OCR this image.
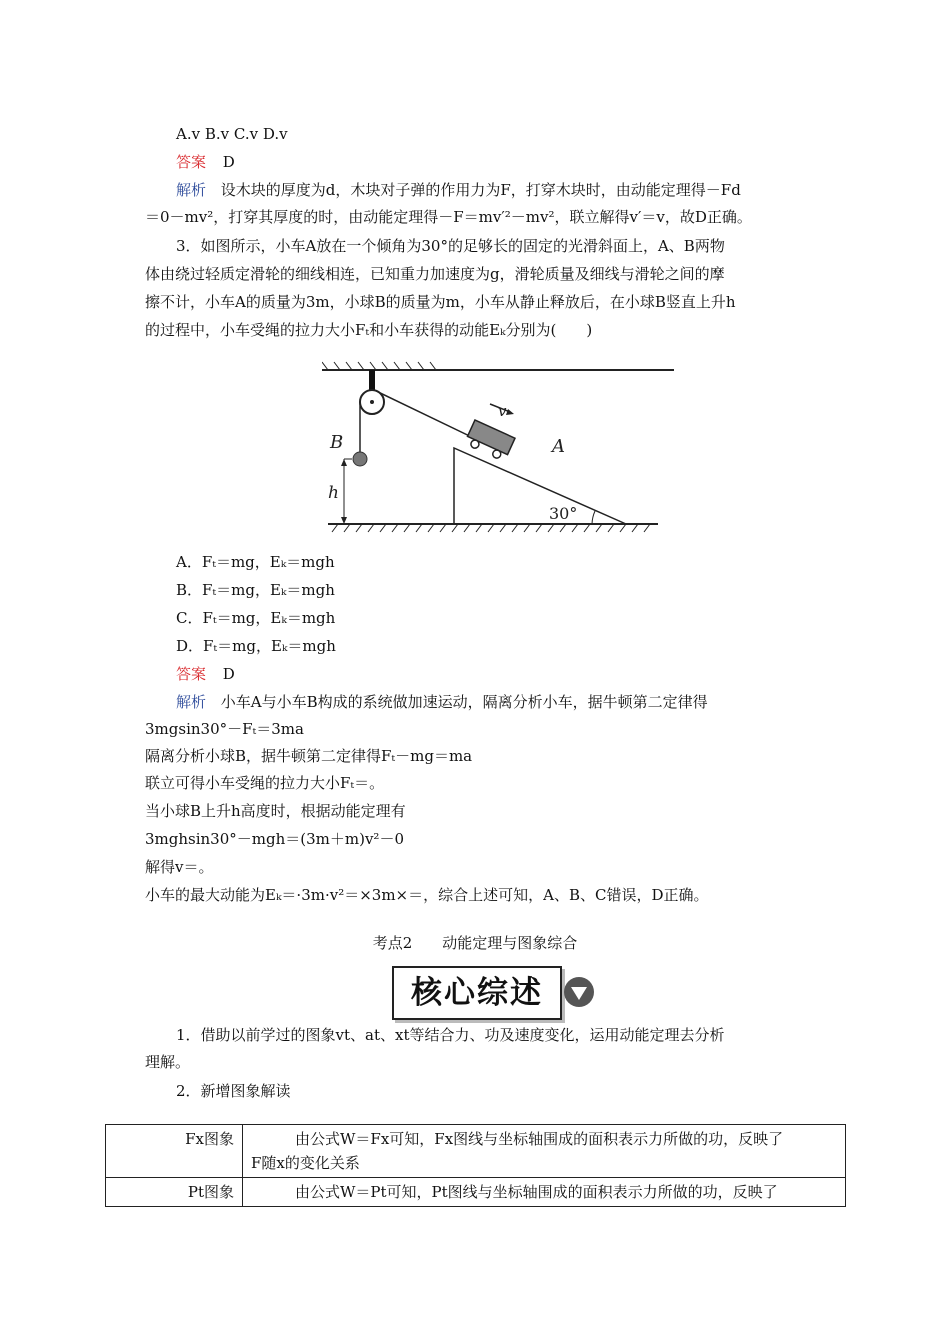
A.v B.v C.v D.v
答案 D
解析 设木块的厚度为d，木块对子弹的作用力为F，打穿木块时，由动能定理得－Fd
＝0－mv²，打穿其厚度的时，由动能定理得－F＝mv′²－mv²，联立解得v′＝v，故D正确。
3．如图所示，小车A放在一个倾角为30°的足够长的固定的光滑斜面上，A、B两物
体由绕过轻质定滑轮的细线相连，已知重力加速度为g，滑轮质量及细线与滑轮之间的摩
擦不计，小车A的质量为3m，小球B的质量为m，小车从静止释放后，在小球B竖直上升h
的过程中，小车受绳的拉力大小Fₜ和小车获得的动能Eₖ分别为(　　)
v
A
B
h
30°
A．Fₜ＝mg，Eₖ＝mgh
B．Fₜ＝mg，Eₖ＝mgh
C．Fₜ＝mg，Eₖ＝mgh
D．Fₜ＝mg，Eₖ＝mgh
答案 D
解析 小车A与小车B构成的系统做加速运动，隔离分析小车，据牛顿第二定律得
3mgsin30°－Fₜ＝3ma
隔离分析小球B，据牛顿第二定律得Fₜ－mg＝ma
联立可得小车受绳的拉力大小Fₜ＝。
当小球B上升h高度时，根据动能定理有
3mghsin30°－mgh＝(3m＋m)v²－0
解得v＝。
小车的最大动能为Eₖ＝·3m·v²＝×3m×＝，综合上述可知，A、B、C错误，D正确。
考点2　　动能定理与图象综合
核心综述
1．借助以前学过的图象vt、at、xt等结合力、功及速度变化，运用动能定理去分析
理解。
2．新增图象解读
Fx图象	由公式W＝Fx可知，Fx图线与坐标轴围成的面积表示力所做的功，反映了
F随x的变化关系

Pt图象	由公式W＝Pt可知，Pt图线与坐标轴围成的面积表示力所做的功，反映了
